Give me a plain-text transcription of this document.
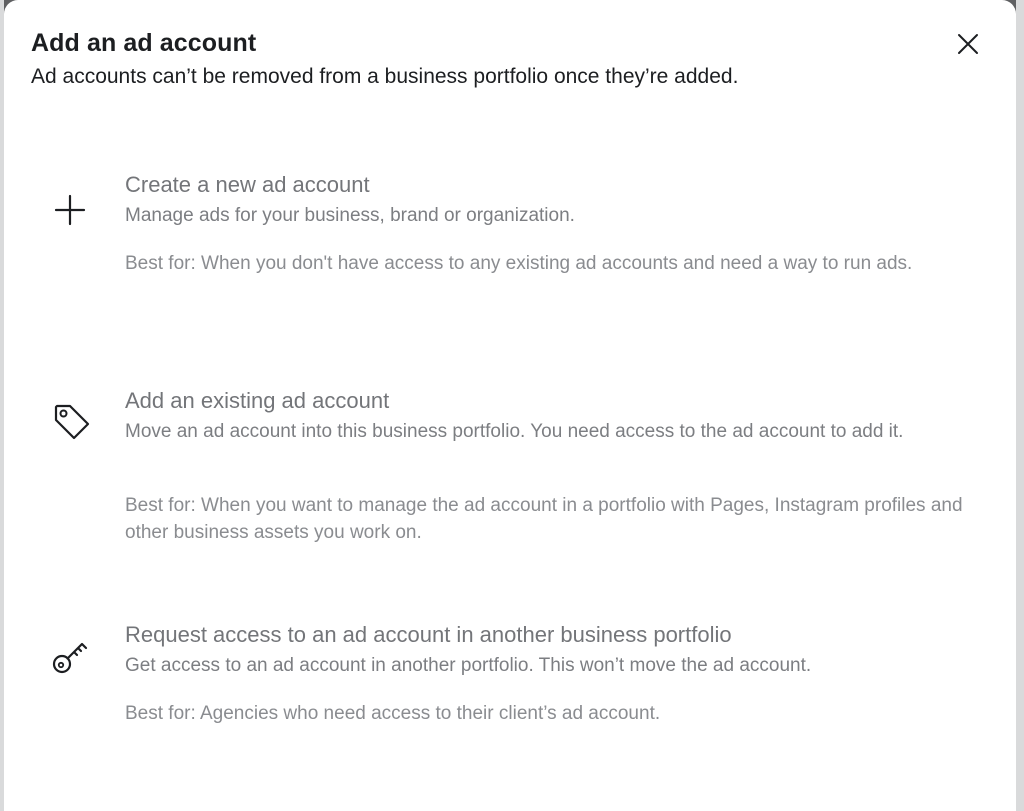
Add an ad account
Ad accounts can’t be removed from a business portfolio once they’re added.
Create a new ad account
Manage ads for your business, brand or organization.
Best for: When you don't have access to any existing ad accounts and need a way to run ads.
Add an existing ad account
Move an ad account into this business portfolio. You need access to the ad account to add it.
Best for: When you want to manage the ad account in a portfolio with Pages, Instagram profiles and other business assets you work on.
Request access to an ad account in another business portfolio
Get access to an ad account in another portfolio. This won’t move the ad account.
Best for: Agencies who need access to their client’s ad account.
